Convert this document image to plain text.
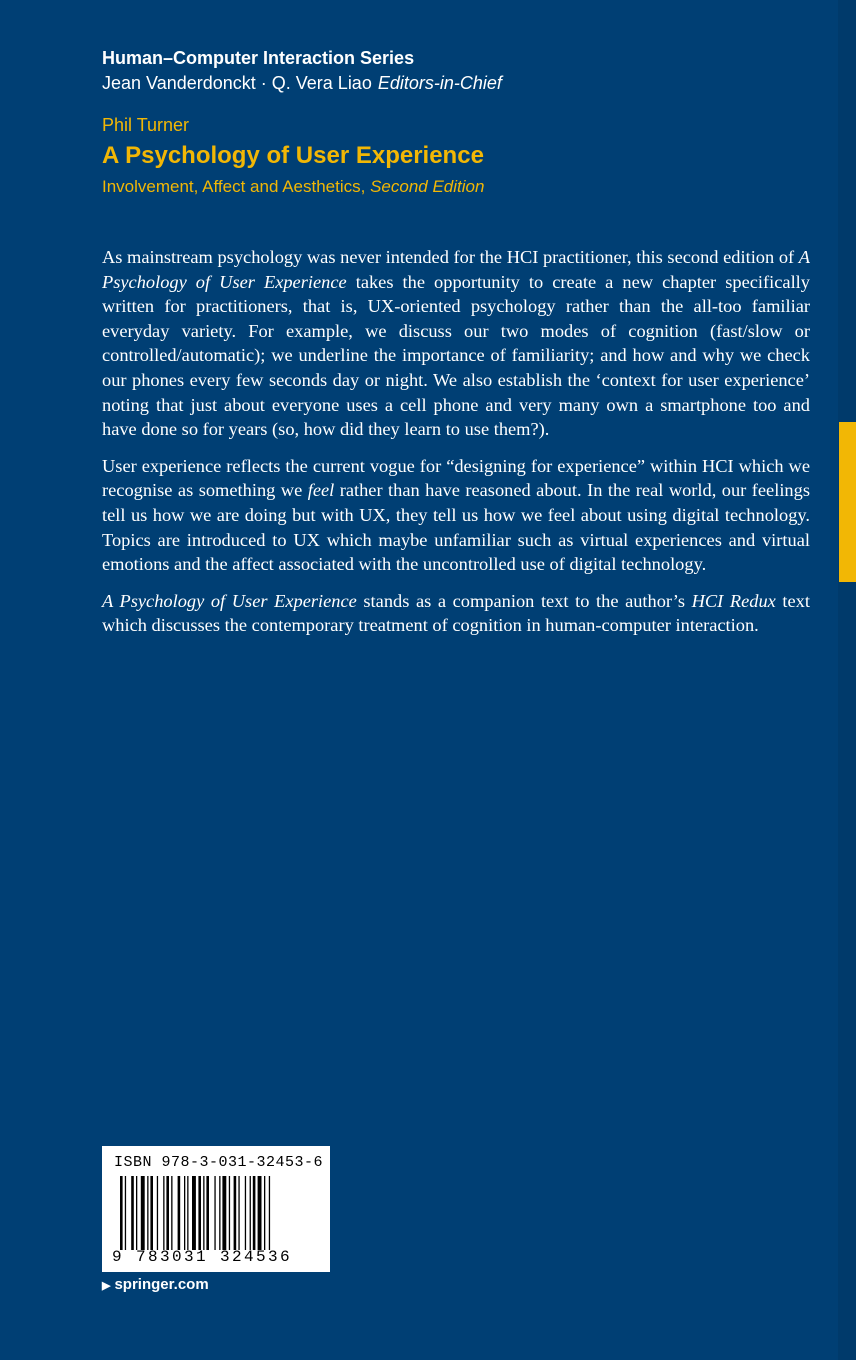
Human–Computer Interaction Series
Jean Vanderdonckt · Q. Vera Liao Editors-in-Chief
Phil Turner
A Psychology of User Experience
Involvement, Affect and Aesthetics, Second Edition

As mainstream psychology was never intended for the HCI practitioner, this second edition of A Psychology of User Experience takes the opportunity to create a new chapter specifically written for practitioners, that is, UX-oriented psychology rather than the all-too familiar everyday variety. For example, we discuss our two modes of cognition (fast/slow or controlled/automatic); we underline the importance of familiarity; and how and why we check our phones every few seconds day or night. We also establish the ‘context for user experience’ noting that just about everyone uses a cell phone and very many own a smartphone too and have done so for years (so, how did they learn to use them?).

User experience reflects the current vogue for “designing for experience” within HCI which we recognise as something we feel rather than have reasoned about. In the real world, our feelings tell us how we are doing but with UX, they tell us how we feel about using digital technology. Topics are introduced to UX which maybe unfamiliar such as virtual experiences and virtual emotions and the affect associated with the uncontrolled use of digital technology.

A Psychology of User Experience stands as a companion text to the author’s HCI Redux text which discusses the contemporary treatment of cognition in human-computer interaction.

ISBN 978-3-031-32453-6
9 783031 324536
▶ springer.com
